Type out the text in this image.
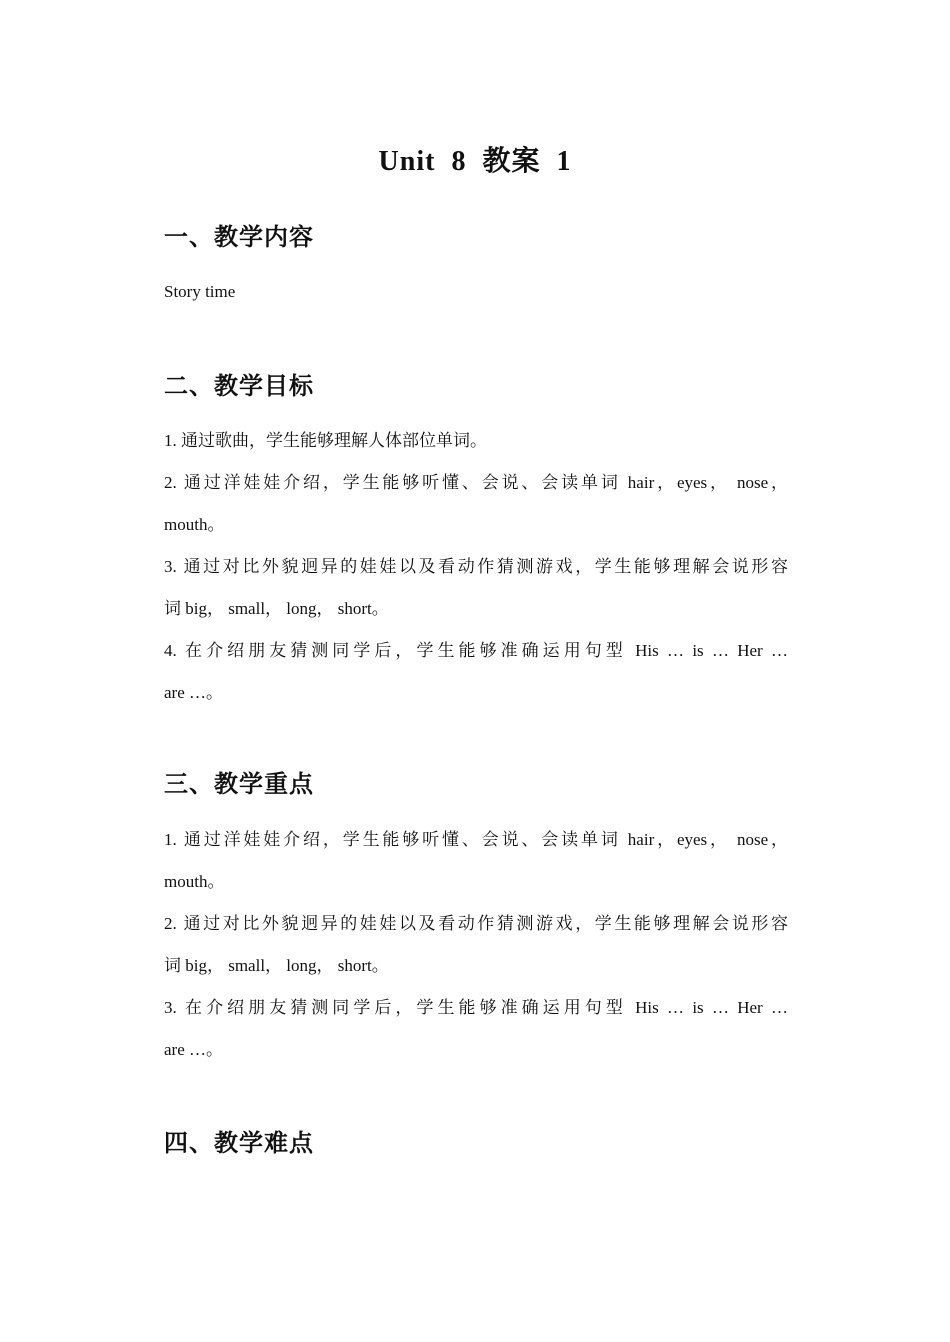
Unit 8 教案 1
一、教学内容
Story time
二、教学目标
1. 通过歌曲，学生能够理解人体部位单词。
2. 通过洋娃娃介绍，学生能够听懂、会说、会读单词 hair，eyes， nose，
mouth。
3. 通过对比外貌迥异的娃娃以及看动作猜测游戏，学生能够理解会说形容
词 big， small， long， short。
4. 在介绍朋友猜测同学后，学生能够准确运用句型 His … is … Her …
are …。
三、教学重点
1. 通过洋娃娃介绍，学生能够听懂、会说、会读单词 hair，eyes， nose，
mouth。
2. 通过对比外貌迥异的娃娃以及看动作猜测游戏，学生能够理解会说形容
词 big， small， long， short。
3. 在介绍朋友猜测同学后，学生能够准确运用句型 His … is … Her …
are …。
四、教学难点
